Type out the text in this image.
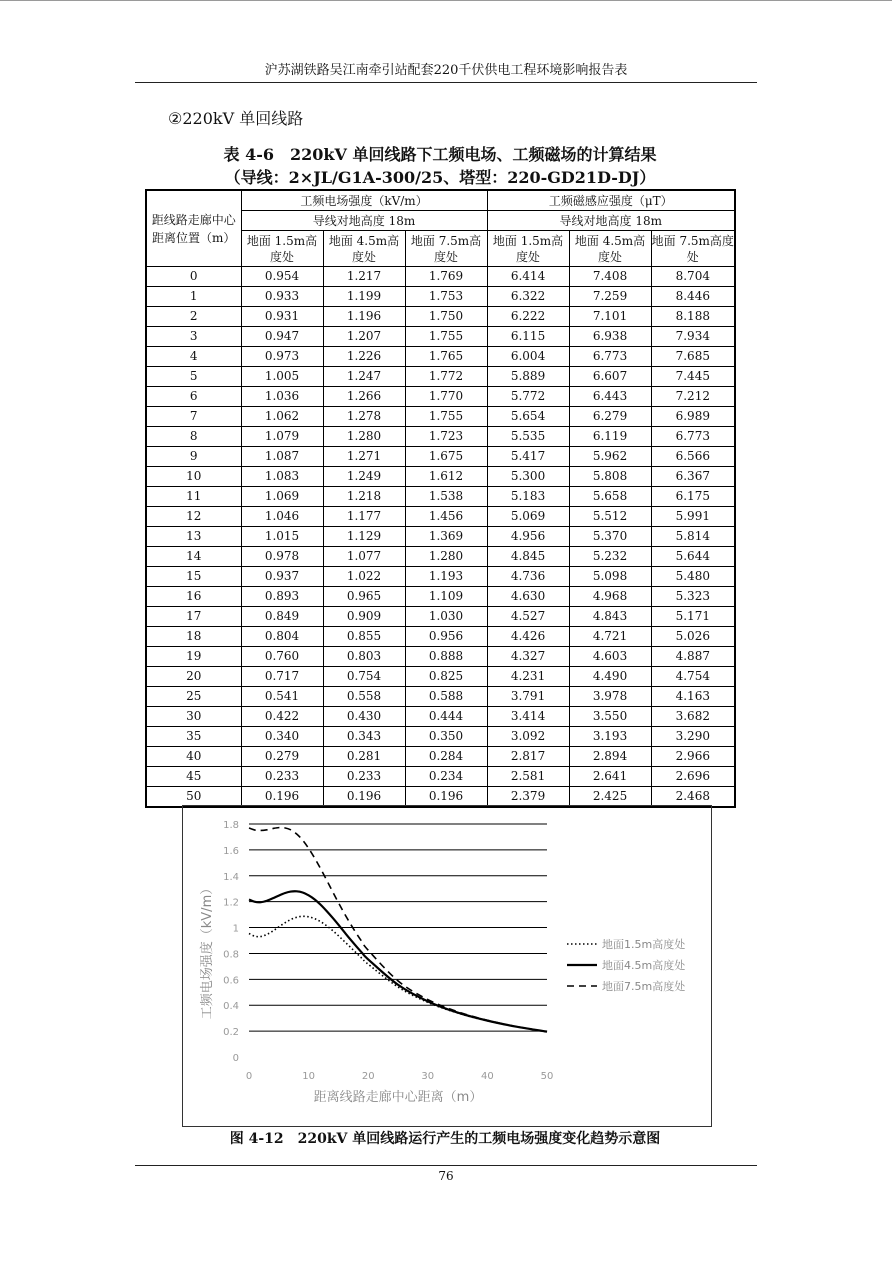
沪苏湖铁路吴江南牵引站配套220千伏供电工程环境影响报告表
②220kV 单回线路
表 4-6　220kV 单回线路下工频电场、工频磁场的计算结果
（导线：2×JL/G1A-300/25、塔型：220-GD21D-DJ）
距线路走廊中心距离位置（m）	工频电场强度（kV/m）			工频磁感应强度（μT）		
	导线对地高度 18m			导线对地高度 18m		
	地面 1.5m高度处	地面 4.5m高度处	地面 7.5m高度处	地面 1.5m高度处	地面 4.5m高度处	地面 7.5m高度处
0	0.954	1.217	1.769	6.414	7.408	8.704
1	0.933	1.199	1.753	6.322	7.259	8.446
2	0.931	1.196	1.750	6.222	7.101	8.188
3	0.947	1.207	1.755	6.115	6.938	7.934
4	0.973	1.226	1.765	6.004	6.773	7.685
5	1.005	1.247	1.772	5.889	6.607	7.445
6	1.036	1.266	1.770	5.772	6.443	7.212
7	1.062	1.278	1.755	5.654	6.279	6.989
8	1.079	1.280	1.723	5.535	6.119	6.773
9	1.087	1.271	1.675	5.417	5.962	6.566
10	1.083	1.249	1.612	5.300	5.808	6.367
11	1.069	1.218	1.538	5.183	5.658	6.175
12	1.046	1.177	1.456	5.069	5.512	5.991
13	1.015	1.129	1.369	4.956	5.370	5.814
14	0.978	1.077	1.280	4.845	5.232	5.644
15	0.937	1.022	1.193	4.736	5.098	5.480
16	0.893	0.965	1.109	4.630	4.968	5.323
17	0.849	0.909	1.030	4.527	4.843	5.171
18	0.804	0.855	0.956	4.426	4.721	5.026
19	0.760	0.803	0.888	4.327	4.603	4.887
20	0.717	0.754	0.825	4.231	4.490	4.754
25	0.541	0.558	0.588	3.791	3.978	4.163
30	0.422	0.430	0.444	3.414	3.550	3.682
35	0.340	0.343	0.350	3.092	3.193	3.290
40	0.279	0.281	0.284	2.817	2.894	2.966
45	0.233	0.233	0.234	2.581	2.641	2.696
50	0.196	0.196	0.196	2.379	2.425	2.468
0
0.2
0.4
0.6
0.8
1
1.2
1.4
1.6
1.8
0	10	20	30	40	50
距离线路走廊中心距离（m）
工频电场强度（kV/m）	地面1.5m高度处
地面4.5m高度处
地面7.5m高度处
图 4-12　220kV 单回线路运行产生的工频电场强度变化趋势示意图
76
